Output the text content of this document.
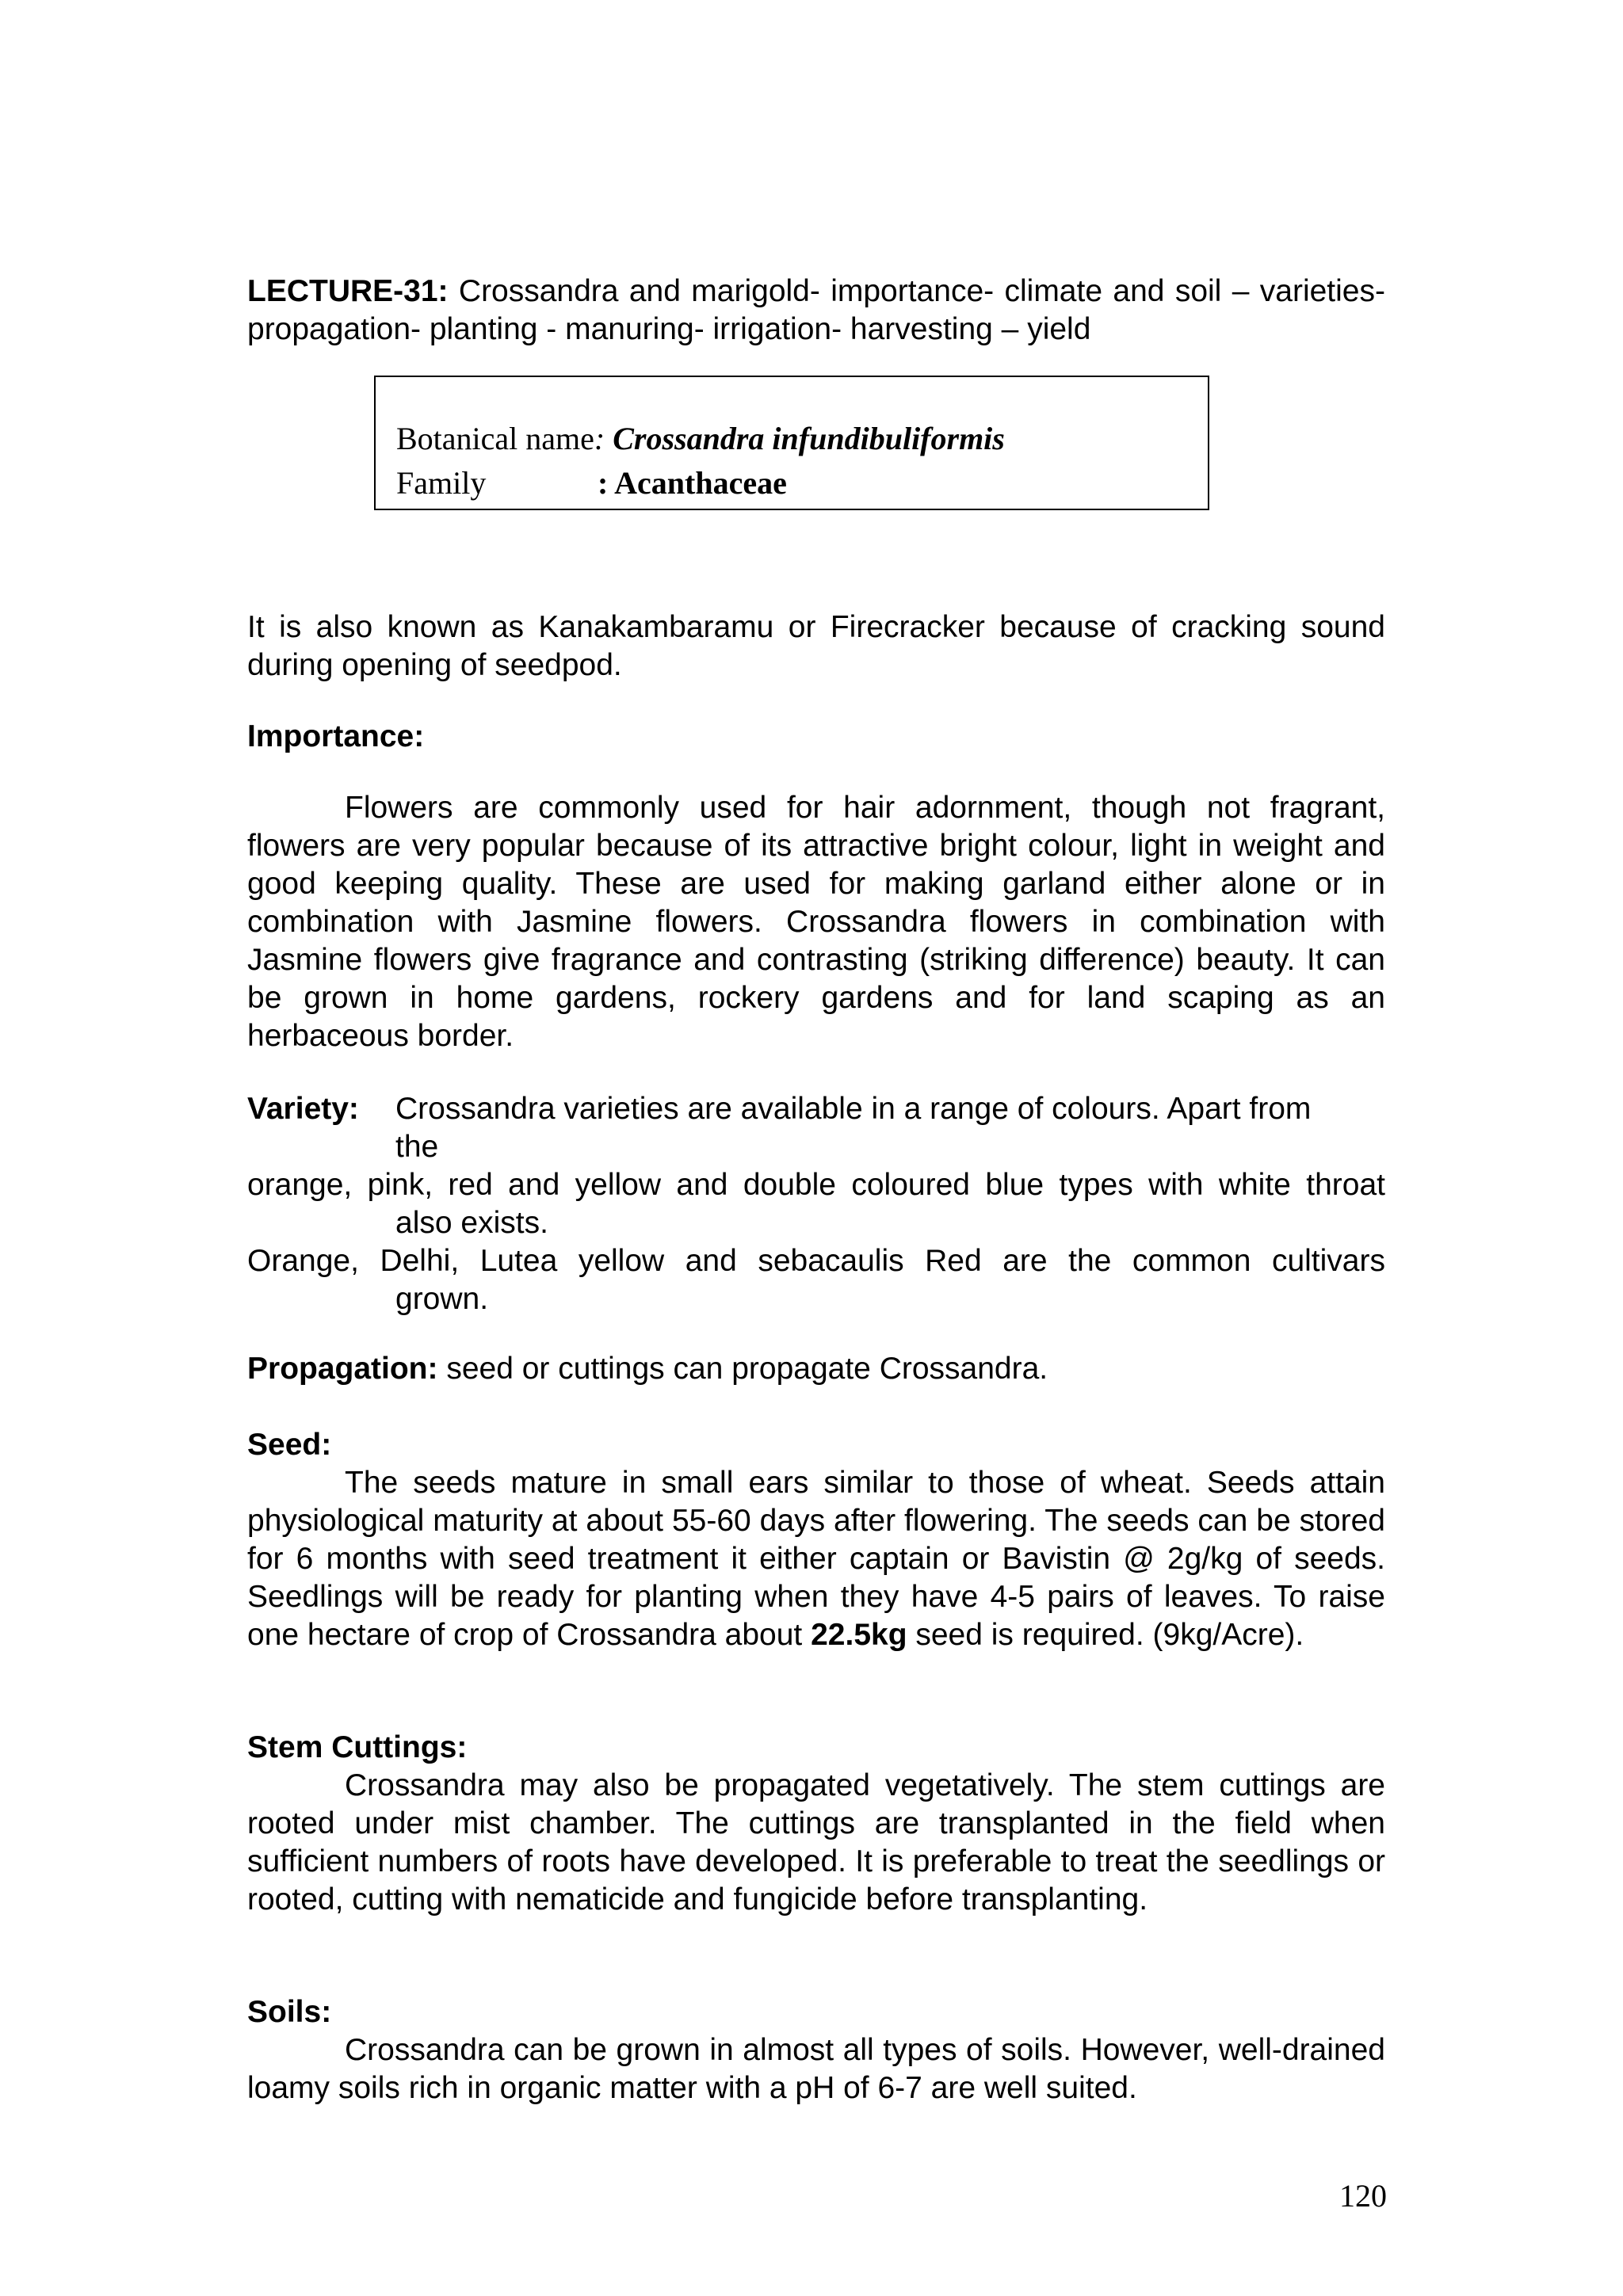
LECTURE-31: Crossandra and marigold- importance- climate and soil – varieties- propagation- planting - manuring- irrigation- harvesting – yield
Botanical name: Crossandra infundibuliformis
Family	: Acanthaceae
It is also known as Kanakambaramu or Firecracker because of cracking sound during opening of seedpod.
Importance:
Flowers are commonly used for hair adornment, though not fragrant, flowers are very popular because of its attractive bright colour, light in weight and good keeping quality. These are used for making garland either alone or in combination with Jasmine flowers. Crossandra flowers in combination with Jasmine flowers give fragrance and contrasting (striking difference) beauty. It can be grown in home gardens, rockery gardens and for land scaping as an herbaceous border.
Variety: Crossandra varieties are available in a range of colours. Apart from
the
orange, pink, red and yellow and double coloured blue types with white throat
also exists.
Orange, Delhi, Lutea yellow and sebacaulis Red are the common cultivars
grown.
Propagation: seed or cuttings can propagate Crossandra.
Seed:
The seeds mature in small ears similar to those of wheat. Seeds attain physiological maturity at about 55-60 days after flowering. The seeds can be stored for 6 months with seed treatment it either captain or Bavistin @ 2g/kg of seeds. Seedlings will be ready for planting when they have 4-5 pairs of leaves. To raise one hectare of crop of Crossandra about 22.5kg seed is required. (9kg/Acre).
Stem Cuttings:
Crossandra may also be propagated vegetatively. The stem cuttings are rooted under mist chamber. The cuttings are transplanted in the field when sufficient numbers of roots have developed. It is preferable to treat the seedlings or rooted, cutting with nematicide and fungicide before transplanting.
Soils:
Crossandra can be grown in almost all types of soils. However, well-drained loamy soils rich in organic matter with a pH of 6-7 are well suited.
120
